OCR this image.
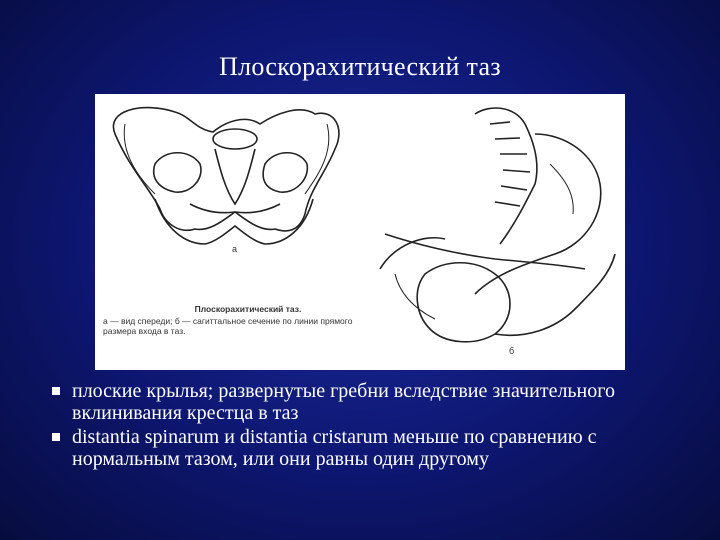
Плоскорахитический таз
а
б
Плоскорахитический таз.
а — вид спереди; б — сагиттальное сечение по линии прямого размера входа в таз.
плоские крылья; развернутые гребни вследствие значительного вклинивания крестца в таз
distantia spinarum и distantia cristarum меньше по сравнению с нормальным тазом, или они равны один другому
